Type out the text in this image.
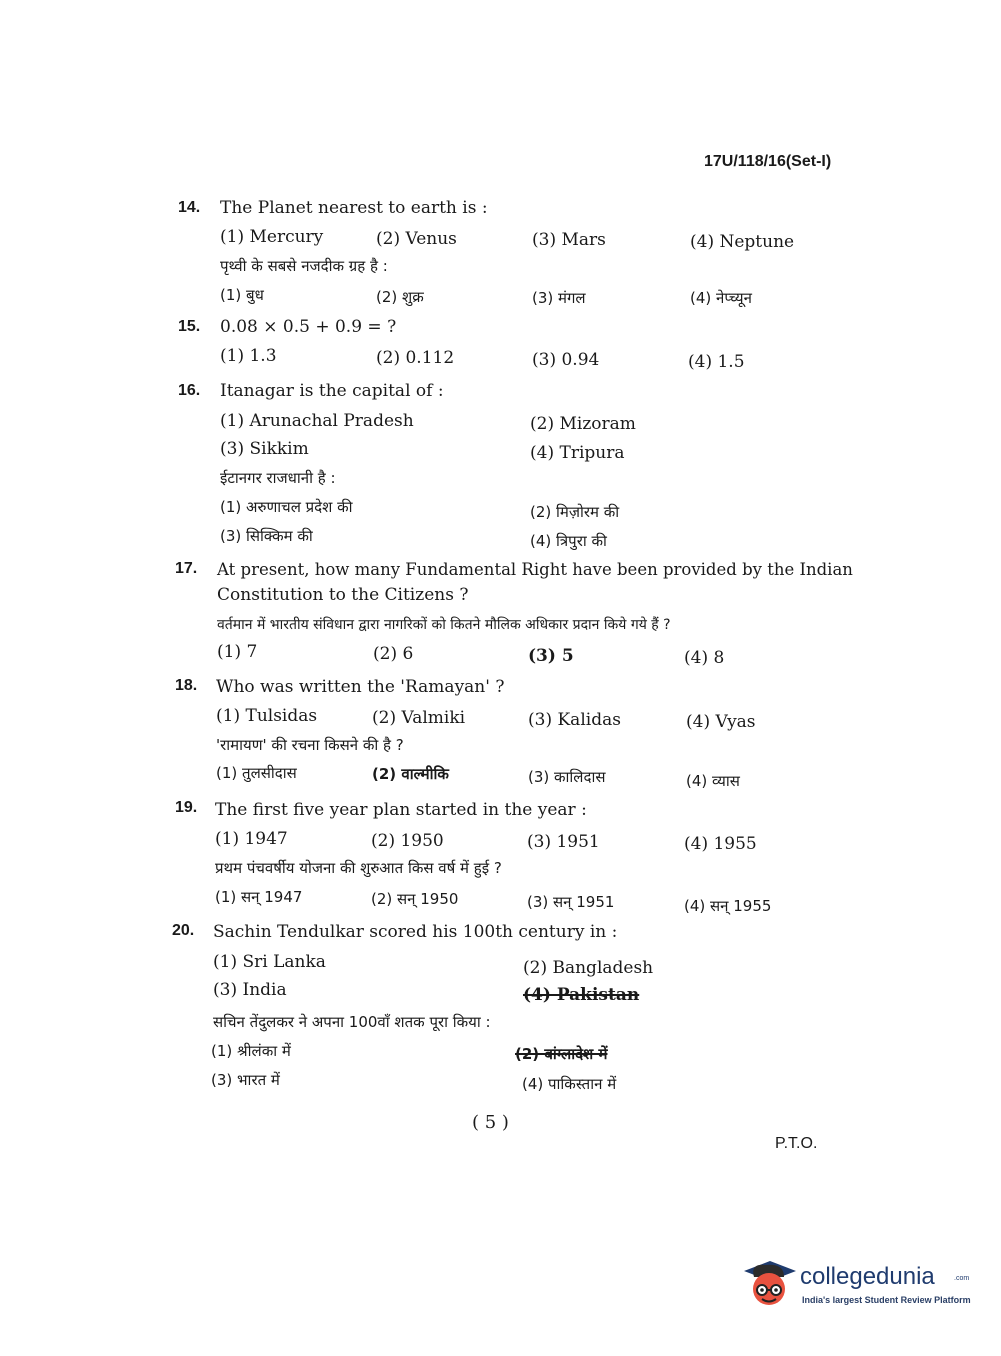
17U/118/16(Set-I)
14. The Planet nearest to earth is :
(1) Mercury	(2) Venus	(3) Mars	(4) Neptune
पृथ्वी के सबसे नजदीक ग्रह है :
(1) बुध	(2) शुक्र	(3) मंगल	(4) नेप्च्यून
15. 0.08 × 0.5 + 0.9 = ?
(1) 1.3	(2) 0.112	(3) 0.94	(4) 1.5
16. Itanagar is the capital of :
(1) Arunachal Pradesh	(2) Mizoram
(3) Sikkim	(4) Tripura
ईटानगर राजधानी है :
(1) अरुणाचल प्रदेश की	(2) मिज़ोरम की
(3) सिक्किम की	(4) त्रिपुरा की
17. At present, how many Fundamental Right have been provided by the Indian
Constitution to the Citizens ?
वर्तमान में भारतीय संविधान द्वारा नागरिकों को कितने मौलिक अधिकार प्रदान किये गये हैं ?
(1) 7	(2) 6	(3) 5	(4) 8
18. Who was written the 'Ramayan' ?
(1) Tulsidas	(2) Valmiki	(3) Kalidas	(4) Vyas
'रामायण' की रचना किसने की है ?
(1) तुलसीदास	(2) वाल्मीकि	(3) कालिदास	(4) व्यास
19. The first five year plan started in the year :
(1) 1947	(2) 1950	(3) 1951	(4) 1955
प्रथम पंचवर्षीय योजना की शुरुआत किस वर्ष में हुई ?
(1) सन् 1947	(2) सन् 1950	(3) सन् 1951	(4) सन् 1955
20. Sachin Tendulkar scored his 100th century in :
(1) Sri Lanka	(2) Bangladesh
(3) India	(4) Pakistan
सचिन तेंदुलकर ने अपना 100वाँ शतक पूरा किया :
(1) श्रीलंका में	(2) बांग्लादेश में
(3) भारत में	(4) पाकिस्तान में
( 5 )
P.T.O.
collegedunia	.com
India's largest Student Review Platform
